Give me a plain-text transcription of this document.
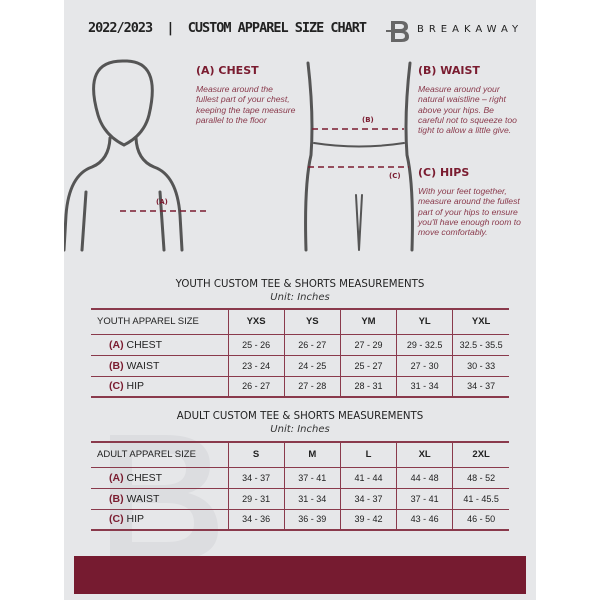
2022/2023  |  CUSTOM APPAREL SIZE CHART	BREAKAWAY
(A)
(B)
(C)
(A) CHEST
Measure around the fullest part of your chest, keeping the tape measure parallel to the floor
(B) WAIST
Measure around your natural waistline – right above your hips. Be careful not to squeeze too tight to allow a little give.
(C) HIPS
With your feet together, measure around the fullest part of your hips to ensure you'll have enough room to move comfortably.
YOUTH CUSTOM TEE & SHORTS MEASUREMENTS
Unit: Inches
YOUTH APPAREL SIZE	YXS	YS	YM	YL	YXL
(A) CHEST	25 - 26	26 - 27	27 - 29	29 - 32.5	32.5 - 35.5
(B) WAIST	23 - 24	24 - 25	25 - 27	27 - 30	30 - 33
(C) HIP	26 - 27	27 - 28	28 - 31	31 - 34	34 - 37
ADULT CUSTOM TEE & SHORTS MEASUREMENTS
Unit: Inches
ADULT APPAREL SIZE	S	M	L	XL	2XL
(A) CHEST	34 - 37	37 - 41	41 - 44	44 - 48	48 - 52
(B) WAIST	29 - 31	31 - 34	34 - 37	37 - 41	41 - 45.5
(C) HIP	34 - 36	36 - 39	39 - 42	43 - 46	46 - 50
